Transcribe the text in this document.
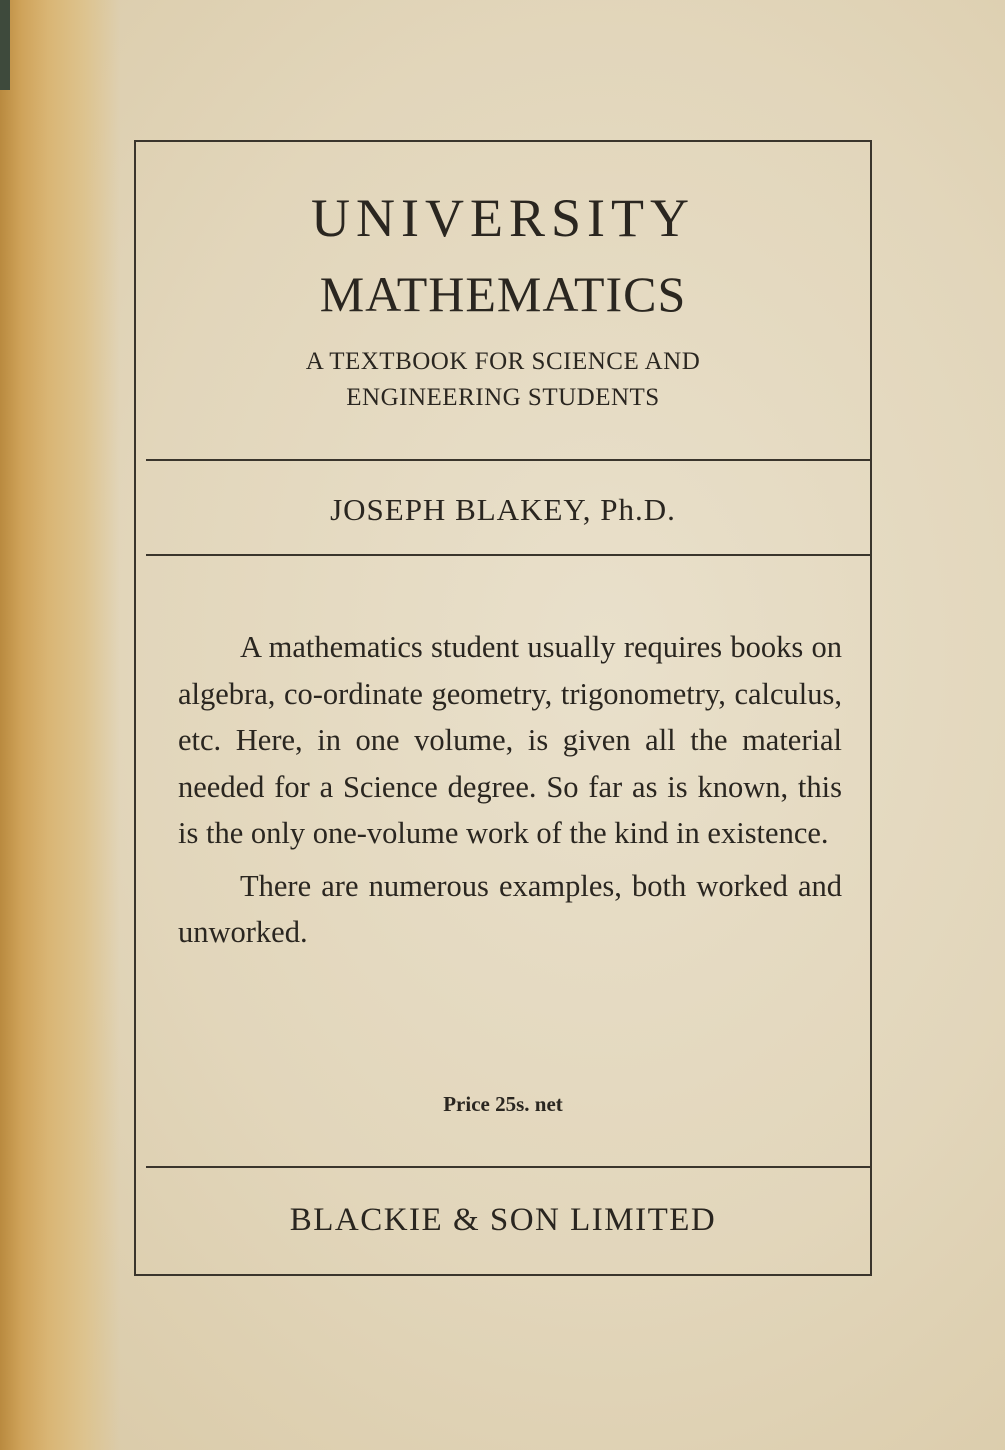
UNIVERSITY
MATHEMATICS
A TEXTBOOK FOR SCIENCE AND
ENGINEERING STUDENTS
JOSEPH BLAKEY, Ph.D.

A mathematics student usually requires books on algebra, co-ordinate geometry, trigonometry, calculus, etc. Here, in one volume, is given all the material needed for a Science degree. So far as is known, this is the only one-volume work of the kind in existence.

There are numerous examples, both worked and unworked.

Price 25s. net
BLACKIE & SON LIMITED
